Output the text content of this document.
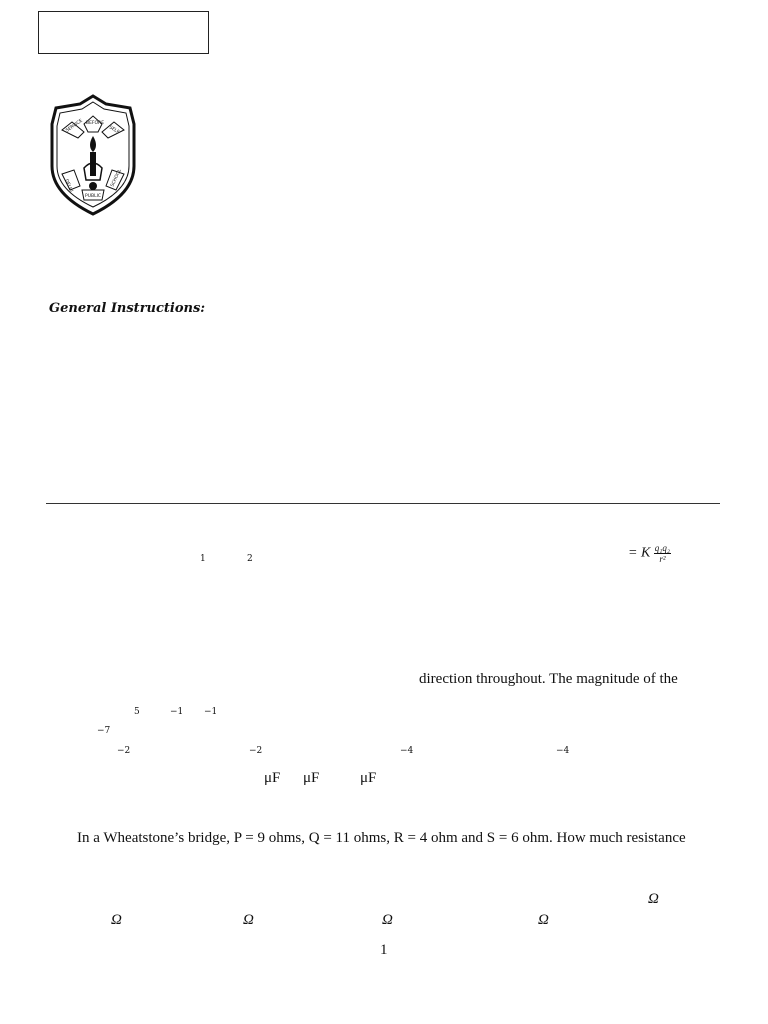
SERVICE BEFORE
SELF
DELHI
PUBLIC
SCHOOL
General Instructions:
1	2	= K $\frac{\text{q₁q₂}}{\text{r²}}$
direction throughout. The magnitude of the
5	−1 −1
−7
−2	−2	−4	−4
μF μF	μF
In a Wheatstone’s bridge, P = 9 ohms, Q = 11 ohms, R = 4 ohm and S = 6 ohm. How much resistance
Ω
Ω	Ω	Ω	Ω
1
